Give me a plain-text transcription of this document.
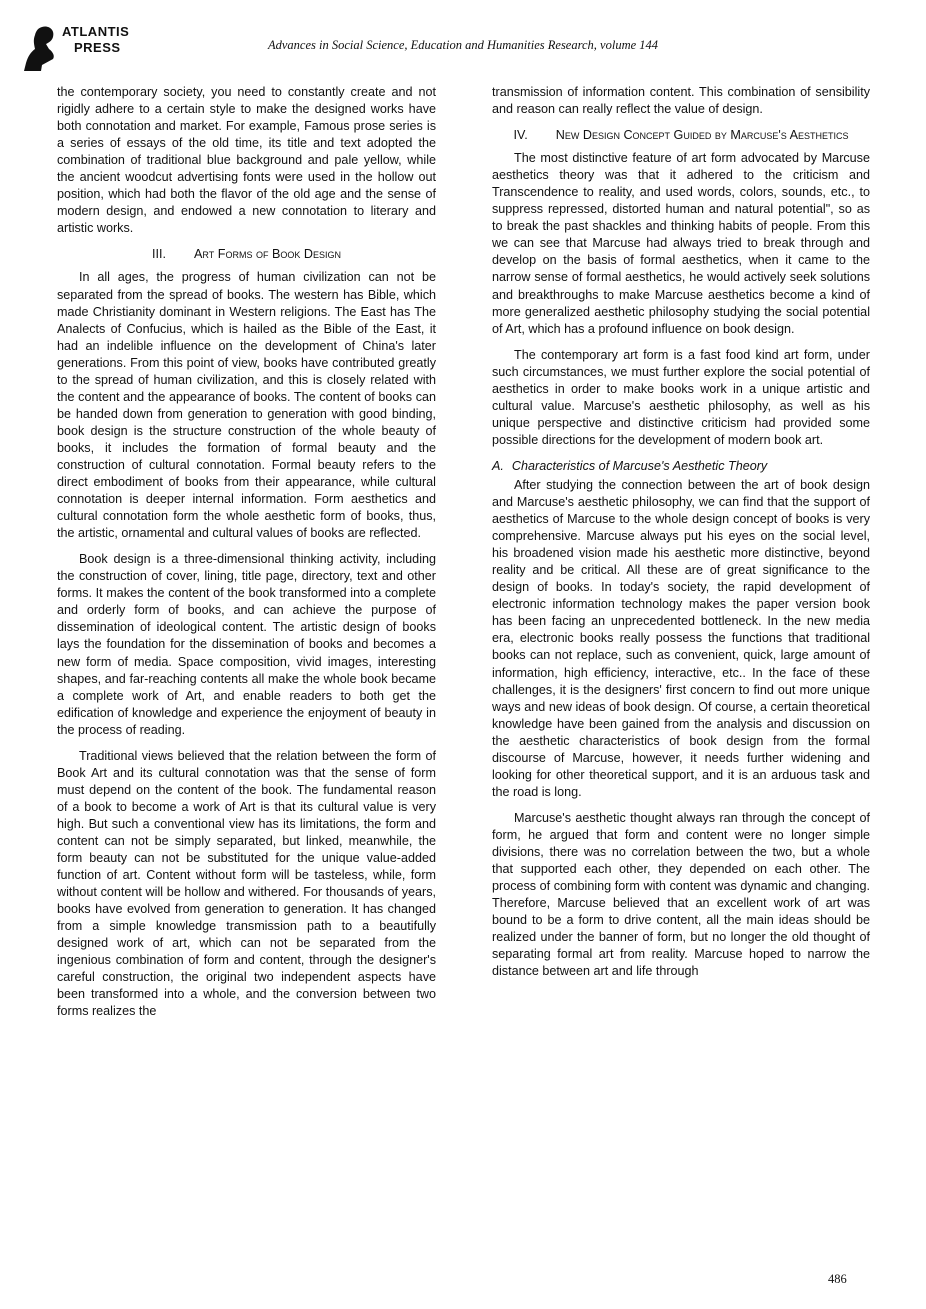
ATLANTIS
PRESS	Advances in Social Science, Education and Humanities Research, volume 144

the contemporary society, you need to constantly create and not rigidly adhere to a certain style to make the designed works have both connotation and market. For example, Famous prose series is a series of essays of the old time, its title and text adopted the combination of traditional blue background and pale yellow, while the ancient woodcut advertising fonts were used in the hollow out position, which had both the flavor of the old age and the sense of modern design, and endowed a new connotation to literary and artistic works.

III. Art Forms of Book Design

In all ages, the progress of human civilization can not be separated from the spread of books. The western has Bible, which made Christianity dominant in Western religions. The East has The Analects of Confucius, which is hailed as the Bible of the East, it had an indelible influence on the development of China's later generations. From this point of view, books have contributed greatly to the spread of human civilization, and this is closely related with the content and the appearance of books. The content of books can be handed down from generation to generation with good binding, book design is the structure construction of the whole beauty of books, it includes the formation of formal beauty and the construction of cultural connotation. Formal beauty refers to the direct embodiment of books from their appearance, while cultural connotation is deeper internal information. Form aesthetics and cultural connotation form the whole aesthetic form of books, thus, the artistic, ornamental and cultural values of books are reflected.

Book design is a three-dimensional thinking activity, including the construction of cover, lining, title page, directory, text and other forms. It makes the content of the book transformed into a complete and orderly form of books, and can achieve the purpose of dissemination of ideological content. The artistic design of books lays the foundation for the dissemination of books and becomes a new form of media. Space composition, vivid images, interesting shapes, and far-reaching contents all make the whole book became a complete work of Art, and enable readers to both get the edification of knowledge and experience the enjoyment of beauty in the process of reading.

Traditional views believed that the relation between the form of Book Art and its cultural connotation was that the sense of form must depend on the content of the book. The fundamental reason of a book to become a work of Art is that its cultural value is very high. But such a conventional view has its limitations, the form and content can not be simply separated, but linked, meanwhile, the form beauty can not be substituted for the unique value-added function of art. Content without form will be tasteless, while, form without content will be hollow and withered. For thousands of years, books have evolved from generation to generation. It has changed from a simple knowledge transmission path to a beautifully designed work of art, which can not be separated from the ingenious combination of form and content, through the designer's careful construction, the original two independent aspects have been transformed into a whole, and the conversion between two forms realizes the

transmission of information content. This combination of sensibility and reason can really reflect the value of design.

IV. New Design Concept Guided by Marcuse's Aesthetics

The most distinctive feature of art form advocated by Marcuse aesthetics theory was that it adhered to the criticism and Transcendence to reality, and used words, colors, sounds, etc., to suppress repressed, distorted human and natural potential", so as to break the past shackles and thinking habits of people. From this we can see that Marcuse had always tried to break through and develop on the basis of formal aesthetics, when it came to the narrow sense of formal aesthetics, he would actively seek solutions and breakthroughs to make Marcuse aesthetics become a kind of more generalized aesthetic philosophy studying the social potential of Art, which has a profound influence on book design.

The contemporary art form is a fast food kind art form, under such circumstances, we must further explore the social potential of aesthetics in order to make books work in a unique artistic and cultural value. Marcuse's aesthetic philosophy, as well as his unique perspective and distinctive criticism had provided some possible directions for the development of modern book art.

A. Characteristics of Marcuse's Aesthetic Theory

After studying the connection between the art of book design and Marcuse's aesthetic philosophy, we can find that the support of aesthetics of Marcuse to the whole design concept of books is very comprehensive. Marcuse always put his eyes on the social level, his broadened vision made his aesthetic more distinctive, beyond reality and be critical. All these are of great significance to the design of books. In today's society, the rapid development of electronic information technology makes the paper version book has been facing an unprecedented bottleneck. In the new media era, electronic books really possess the functions that traditional books can not replace, such as convenient, quick, large amount of information, high efficiency, interactive, etc.. In the face of these challenges, it is the designers' first concern to find out more unique ways and new ideas of book design. Of course, a certain theoretical knowledge have been gained from the analysis and discussion on the aesthetic characteristics of book design from the formal discourse of Marcuse, however, it needs further widening and looking for other theoretical support, and it is an arduous task and the road is long.

Marcuse's aesthetic thought always ran through the concept of form, he argued that form and content were no longer simple divisions, there was no correlation between the two, but a whole that supported each other, they depended on each other. The process of combining form with content was dynamic and changing. Therefore, Marcuse believed that an excellent work of art was bound to be a form to drive content, all the main ideas should be realized under the banner of form, but no longer the old thought of separating formal art from reality. Marcuse hoped to narrow the distance between art and life through

486
